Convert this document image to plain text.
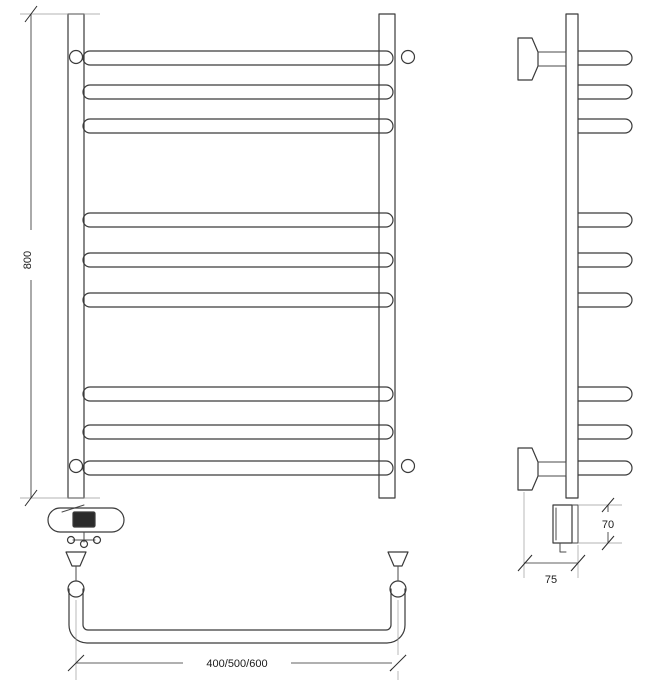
800
400/500/600
75
70
